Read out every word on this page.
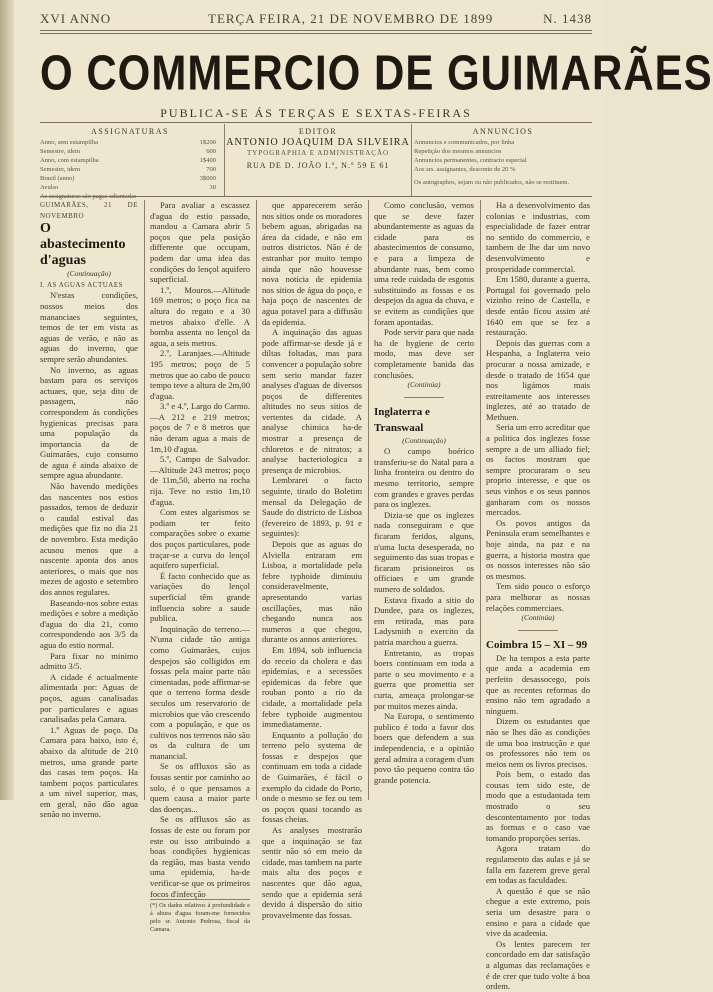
XVI ANNO	TERÇA FEIRA, 21 DE NOVEMBRO DE 1899	N. 1438
O COMMERCIO DE GUIMARÃES
PUBLICA-SE ÁS TERÇAS E SEXTAS-FEIRAS
ASSIGNATURAS
Anno, sem estampilha	1$200
Semestre, idem	600
Anno, com estampilha	1$400
Semestre, idem	700
Brazil (anno)	3$000
Avulso	30
As assignaturas são pagas adiantadas
EDITOR
ANTONIO JOAQUIM DA SILVEIRA
TYPOGRAPHIA E ADMINISTRAÇÃO
RUA DE D. JOÃO I.º, N.º 59 E 61
ANNUNCIOS
Annuncios e communicados, por linha
Repetição dos mesmos annuncios
Annuncios permanentes, contracto especial
Aos srs. assignantes, desconto de 20 %
Os autographos, sejam ou não publicados, não se restituem.

GUIMARÃES, 21 DE NOVEMBRO

O abastecimento d'aguas

(Continuação)

I. AS AGUAS ACTUAES

N'estas condições, nossos meios dos mananciaes seguintes, temos de ter em vista as aguas de verão, e não as aguas do inverno, que sempre serão abundantes.

No inverno, as aguas bastam para os serviços actuaes, que, seja dito de passagem, não correspondem ás condições hygienicas precisas para uma população da importancia da de Guimarães, cujo consumo de agua é ainda abaixo de sempre agua abundante.

Não havendo medições das nascentes nos estios passados, temos de deduzir o caudal estival das medições que fiz no dia 21 de novembro. Esta medição acusou menos que a nascente aponta dos anos anteriores, o mais que nos mezes de agosto e setembro dos annos regulares.

Baseando-nos sobre estas medições e sobre a medição d'agua do dia 21, como correspondendo aos 3/5 da agua do estio normal.

Para fixar no minimo admitto 3/5.

A cidade é actualmente alimentada por: Aguas de poços, aguas canalisadas por particulares e aguas canalisadas pela Camara.

1.º Aguas de poço. Da Camara para baixo, isto é, abaixo da altitude de 210 metros, uma grande parte das casas tem poços. Ha tambem poços particulares a um nivel superior, mas, em geral, não dão agua senão no inverno.

Para avaliar a escassez d'agua do estio passado, mandou a Camara abrir 5 poços que pela posição differente que occupam, podem dar uma idea das condições do lençol aquifero superficial.

1.º, Mouros.—Altitude 169 metros; o poço fica na altura do regato e a 30 metros abaixo d'elle. A bomba assenta no lençol da agua, a seis metros.

2.º, Laranjaes.—Altitude 195 metros; poço de 5 metros que ao cabo de pouco tempo teve a altura de 2m,00 d'agua.

3.º e 4.º, Largo do Carmo.—A 212 e 219 metros; poços de 7 e 8 metros que não deram agua a mais de 1m,10 d'agua.

5.º, Campo de Salvador.—Altitude 243 metros; poço de 11m,50, aberto na rocha rija. Teve no estio 1m,10 d'agua.

Com estes algarismos se podiam ter feito comparações sobre o exame dos poços particulares, pode traçar-se a curva do lençol aquifero superficial.

É facto conhecido que as variações do lençol superficial têm grande influencia sobre a saude publica.

Inquinação do terreno.—N'uma cidade tão antiga como Guimarães, cujos despejos são colligidos em fossas pela maior parte não cimentadas, pode affirmar-se que o terreno forma desde seculos um reservatorio de microbios que vão crescendo com a população, e que os cultivos nos terrenos não são os da cultura de um manancial.

Se os affluxos são as fossas sentir por caminho ao solo, é o que pensamos a quem causa a maior parte das doenças...

Se os affluxos são as fossas de este ou foram por este ou isso atribuindo a boas condições hygienicas da região, mas basta vendo uma epidemia, ha-de verificar-se que os primeiros focos d'infecção

(*) Os dados relativos á profundidade e á altura d'agua foram-me fornecidos pelo sr. Antonio Pedrosa, fiscal da Camara.

que apparecerem serão nos sitios onde os moradores bebem aguas, abrigadas na área da cidade, e não em outros districtos. Não é de estranhar por muito tempo ainda que não houvesse nova noticia de epidemia nos sitios de água do poço, e haja poço de nascentes de agua potavel para a diffusão da epidemia.

A inquinação das aguas pode affirmar-se desde já e diltas foltadas, mas para convencer a população sobre sem serio mandar fazer analyses d'aguas de diversos poços de differentes altitudes no seus sitios de vertentes da cidade. A analyse chimica ha-de mostrar a presença de chloretos e de nitratos; a analyse bacteriologica a presença de microbios.

Lembrarei o facto seguinte, tirado do Boletim mensal da Delegação de Saude do districto de Lisboa (fevereiro de 1893, p. 91 e seguintes):

Depois que as aguas do Alviella entraram em Lisboa, a mortalidade pela febre typhoide diminuiu consideravelmente, apresentando varias oscillações, mas não chegando nunca aos numeros a que chegou, durante os annos anteriores.

Em 1894, sob influencia do receio da cholera e das epidemias, e a secessões epidemicas da febre que rouban ponto a rio da cidade, a mortalidade pela febre typhoide augmentou immediatamente.

Enquanto a pollução do terreno pelo systema de fossas e despejos que continuam em toda a cidade de Guimarães, é fácil o exemplo da cidade do Porto, onde o mesmo se fez ou tem os poços quasi tocando as fossas cheias.

As analyses mostrarão que a inquinação se faz sentir não só em meio da cidade, mas tambem na parte mais alta dos poços e nascentes que dão agua, sendo que a epidemia será devido á dispersão do sitio provavelmente das fossas.

Como conclusão, vemos que se deve fazer abundantemente as aguas da cidade para os abastecimentos de consumo, e para a limpeza de abundante ruas, bem como uma rede cuidada de esgotos substituindo as fossas e os despejos da agua da chuva, e se evitem as condições que foram apontadas.

Pode servir para que nada ha de hygiene de certo modo, mas deve ser completamente banida das conclusões.

(Continúa)

Inglaterra e Transwaal

(Continuação)

O campo boérico transferiu-se do Natal para a linha fronteira ou dentro do mesmo territorio, sempre com grandes e graves perdas para os inglezes.

Dizia-se que os inglezes nada conseguiram e que ficaram feridos, alguns, n'uma lucta desesperada, no seguimento das suas tropas e ficaram prisioneiros os officiaes e um grande numero de soldados.

Estava fixado a sitio do Dundee, para os inglezes, em retirada, mas para Ladysmith o exercito da patria marchou a guerra.

Entretanto, as tropas boers continuam em toda a parte o seu movimento e a guerra que promettia ser curta, ameaça prolongar-se por muitos mezes ainda.

Na Europa, o sentimento publico é todo a favor dos boers que defendem a sua independencia, e a opinião geral admira a coragem d'um povo tão pequeno contra tão grande potencia.

Ha a desenvolvimento das colonias e industrias, com especialidade de fazer entrar no sentido do commercio, e tambem de lhe dar um novo desenvolvimento e prosperidade commercial.

Em 1580, durante a guerra, Portugal foi governado pelo vizinho reino de Castella, e desde então ficou assim até 1640 em que se fez a restauração.

Depois das guerras com a Hespanha, a Inglaterra veio procurar a nossa amizade, e desde o tratado de 1654 que nos ligámos mais estreitamente aos interesses inglezes, até ao tratado de Methuen.

Seria um erro acreditar que a politica dos inglezes fosse sempre a de um alliado fiel; os factos mostram que sempre procuraram o seu proprio interesse, e que os seus vinhos e os seus pannos ganharam com os nossos mercados.

Os povos antigos da Peninsula eram semelhantes e hoje ainda, na paz e na guerra, a historia mostra que os nossos interesses não são os mesmos.

Tem sido pouco o esforço para melhorar as nossas relações commerciaes.

(Continúa)

Coimbra 15 – XI – 99

De ha tempos a esta parte que anda a academia em perfeito desassocego, pois que as recentes reformas do ensino não tem agradado a ninguem.

Dizem os estudantes que não se lhes dão as condições de uma boa instrucção e que os professores não tem os meios nem os livros precisos.

Pois bem, o estado das cousas tem sido este, de modo que a estudantada tem mostrado o seu descontentamento por todas as formas e o caso vae tomando proporções serias.

Agora tratam do regulamento das aulas e já se falla em fazerem greve geral em todas as faculdades.

A questão é que se não chegue a este extremo, pois seria um desastre para o ensino e para a cidade que vive da academia.

Os lentes parecem ter concordado em dar satisfação a algumas das reclamações e é de crer que tudo volte á boa ordem.
